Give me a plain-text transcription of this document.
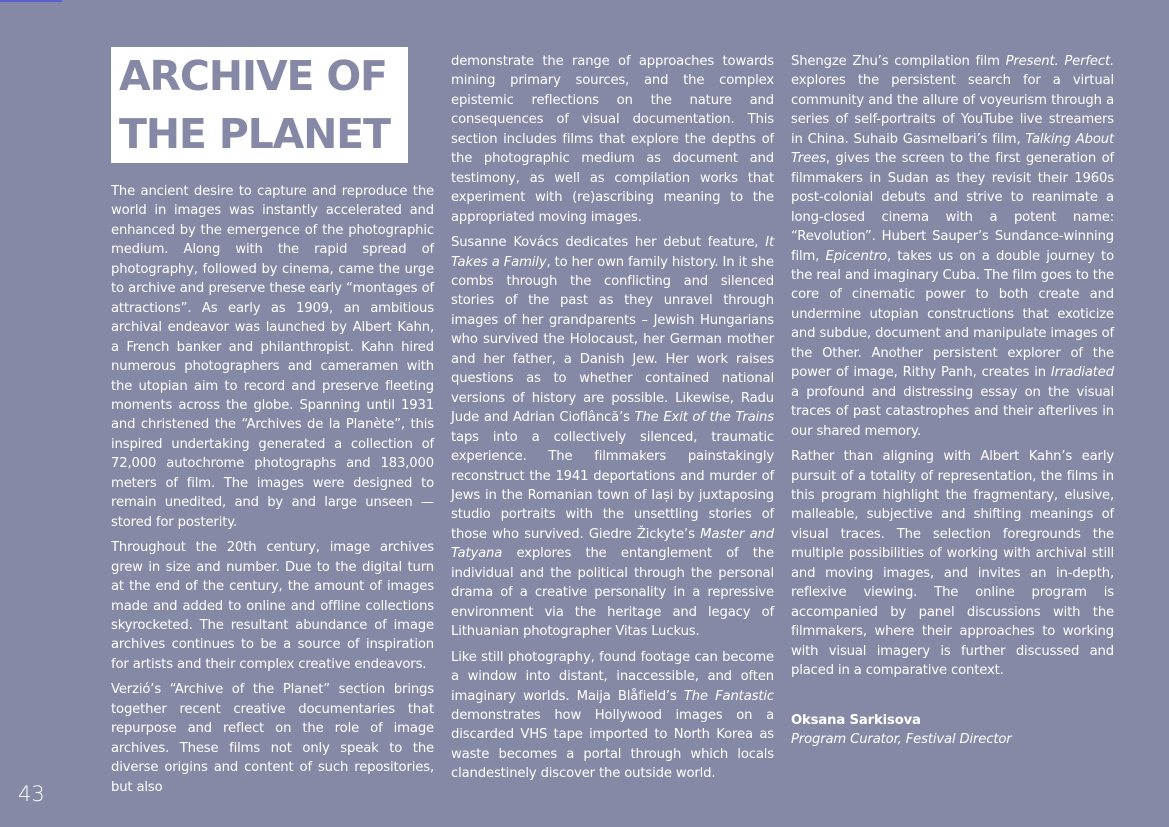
ARCHIVE OF
THE PLANET

The ancient desire to capture and reproduce the world in images was instantly accelerated and enhanced by the emergence of the photographic medium. Along with the rapid spread of photography, followed by cinema, came the urge to archive and preserve these early “montages of attractions”. As early as 1909, an ambitious archival endeavor was launched by Albert Kahn, a French banker and philanthropist. Kahn hired numerous photographers and cameramen with the utopian aim to record and preserve fleeting moments across the globe. Spanning until 1931 and christened the “Archives de la Planète”, this inspired undertaking generated a collection of 72,000 autochrome photographs and 183,000 meters of film. The images were designed to remain unedited, and by and large unseen — stored for posterity.

Throughout the 20th century, image archives grew in size and number. Due to the digital turn at the end of the century, the amount of images made and added to online and offline collections skyrocketed. The resultant abundance of image archives continues to be a source of inspiration for artists and their complex creative endeavors.

Verzió’s “Archive of the Planet” section brings together recent creative documentaries that repurpose and reflect on the role of image archives. These films not only speak to the diverse origins and content of such repositories, but also

demonstrate the range of approaches towards mining primary sources, and the complex epistemic reflections on the nature and consequences of visual documentation. This section includes films that explore the depths of the photographic medium as document and testimony, as well as compilation works that experiment with (re)ascribing meaning to the appropriated moving images.

Susanne Kovács dedicates her debut feature, It Takes a Family, to her own family history. In it she combs through the conflicting and silenced stories of the past as they unravel through images of her grandparents – Jewish Hungarians who survived the Holocaust, her German mother and her father, a Danish Jew. Her work raises questions as to whether contained national versions of history are possible. Likewise, Radu Jude and Adrian Cioflâncă’s The Exit of the Trains taps into a collectively silenced, traumatic experience. The filmmakers painstakingly reconstruct the 1941 deportations and murder of Jews in the Romanian town of Iași by juxtaposing studio portraits with the unsettling stories of those who survived. Giedre Žickyte’s Master and Tatyana explores the entanglement of the individual and the political through the personal drama of a creative personality in a repressive environment via the heritage and legacy of Lithuanian photographer Vitas Luckus.

Like still photography, found footage can become a window into distant, inaccessible, and often imaginary worlds. Maija Blåfield’s The Fantastic demonstrates how Hollywood images on a discarded VHS tape imported to North Korea as waste becomes a portal through which locals clandestinely discover the outside world.

Shengze Zhu’s compilation film Present. Perfect. explores the persistent search for a virtual community and the allure of voyeurism through a series of self-portraits of YouTube live streamers in China. Suhaib Gasmelbari’s film, Talking About Trees, gives the screen to the first generation of filmmakers in Sudan as they revisit their 1960s post-colonial debuts and strive to reanimate a long-closed cinema with a potent name: “Revolution”. Hubert Sauper’s Sundance-winning film, Epicentro, takes us on a double journey to the real and imaginary Cuba. The film goes to the core of cinematic power to both create and undermine utopian constructions that exoticize and subdue, document and manipulate images of the Other. Another persistent explorer of the power of image, Rithy Panh, creates in Irradiated a profound and distressing essay on the visual traces of past catastrophes and their afterlives in our shared memory.

Rather than aligning with Albert Kahn’s early pursuit of a totality of representation, the films in this program highlight the fragmentary, elusive, malleable, subjective and shifting meanings of visual traces. The selection foregrounds the multiple possibilities of working with archival still and moving images, and invites an in-depth, reflexive viewing. The online program is accompanied by panel discussions with the filmmakers, where their approaches to working with visual imagery is further discussed and placed in a comparative context.

Oksana Sarkisova
Program Curator, Festival Director
43
